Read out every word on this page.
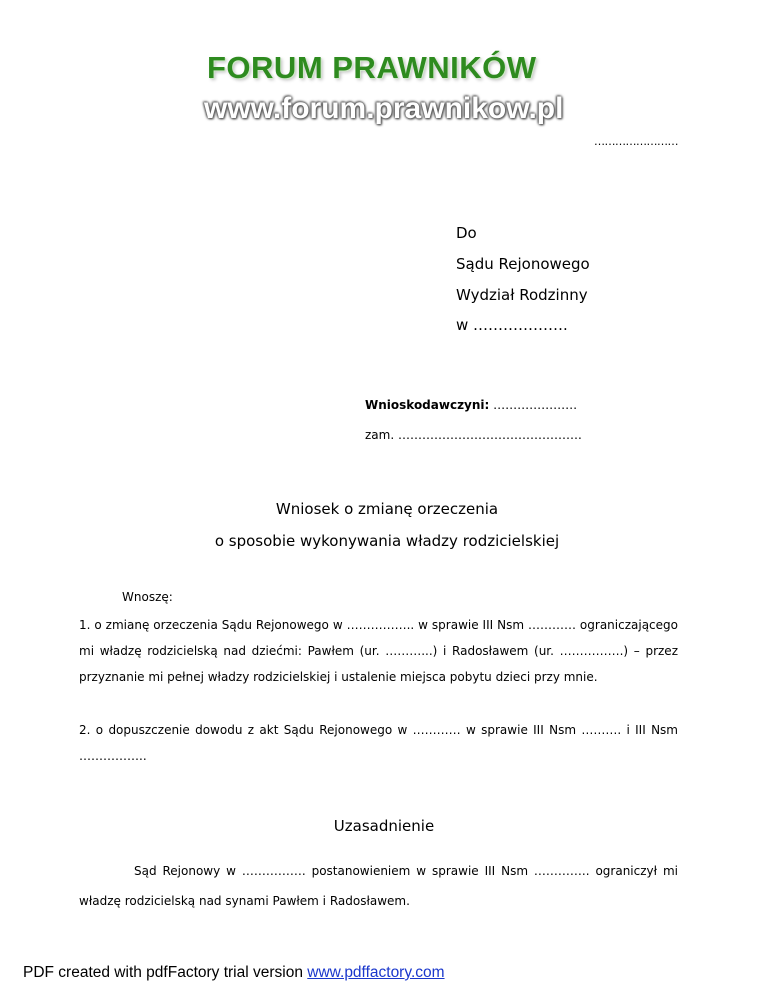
FORUM PRAWNIKÓW
www.forum.prawnikow.pl
……………………
Do
Sądu Rejonowego
Wydział Rodzinny
w ……………….
Wnioskodawczyni: …………………
zam. ……………………………………….
Wniosek o zmianę orzeczenia
o sposobie wykonywania władzy rodzicielskiej
Wnoszę:
1. o zmianę orzeczenia Sądu Rejonowego w …………….. w sprawie III Nsm ………… ograniczającego mi władzę rodzicielską nad dziećmi: Pawłem (ur. ………...) i Radosławem (ur. …………….) – przez przyznanie mi pełnej władzy rodzicielskiej i ustalenie miejsca pobytu dzieci przy mnie.
2. o dopuszczenie dowodu z akt Sądu Rejonowego w ………… w sprawie III Nsm ………. i III Nsm ……………..
Uzasadnienie
Sąd Rejonowy w ……………. postanowieniem w sprawie III Nsm ………….. ograniczył mi władzę rodzicielską nad synami Pawłem i Radosławem.
PDF created with pdfFactory trial version www.pdffactory.com
